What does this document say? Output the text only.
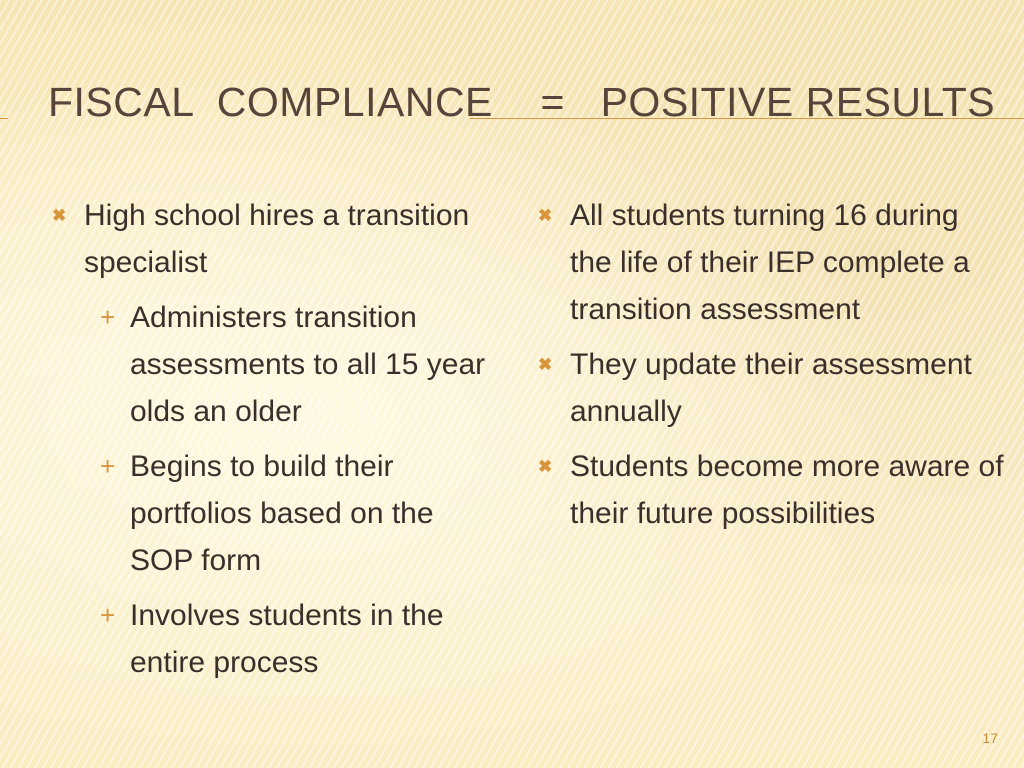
FISCAL  COMPLIANCE    =   POSITIVE RESULTS
✖ High school hires a transition specialist
+ Administers transition assessments to all 15 year olds an older
+ Begins to build their portfolios based on the SOP form
+ Involves students in the entire process
✖ All students turning 16 during the life of their IEP complete a transition assessment
✖ They update their assessment annually
✖ Students become more aware of their future possibilities
17
